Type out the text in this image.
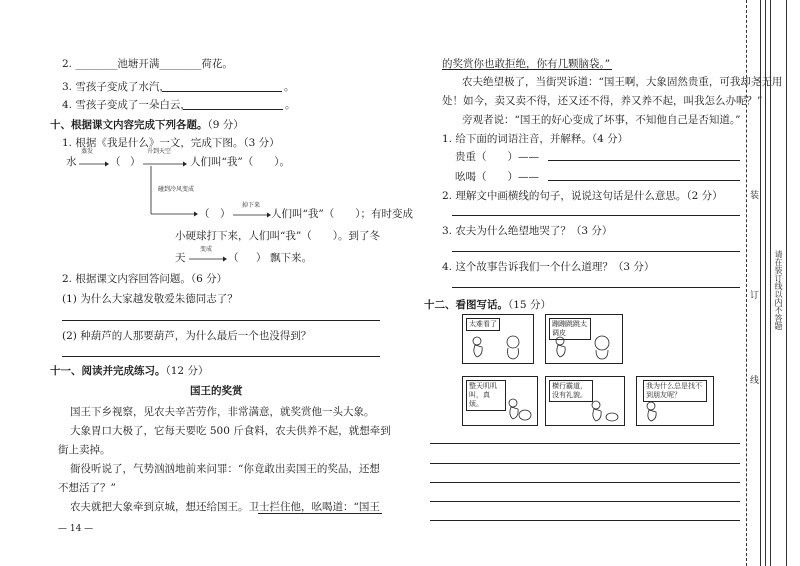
2. ________池塘开满________荷花。
3. 雪孩子变成了水汽，	。
4. 雪孩子变成了一朵白云，	。
十、根据课文内容完成下列各题。（9 分）
1. 根据《我是什么》一文，完成下图。（3 分）
水
蒸发
（ ）
升到天空
人们叫“我”（　　）。
碰到冷风变成
（ ）
掉下来
人们叫“我”（　　）；有时变成
小硬球打下来，人们叫“我”（　　）。到了冬
天
变成
（ ） 飘下来。
2. 根据课文内容回答问题。（6 分）
(1) 为什么大家越发敬爱朱德同志了？
(2) 种葫芦的人那要葫芦，为什么最后一个也没得到？
十一、阅读并完成练习。（12 分）
国王的奖赏
国王下乡视察，见农夫辛苦劳作，非常满意，就奖赏他一头大象。
大象胃口大极了，它每天要吃 500 斤食料，农夫供养不起，就想牵到
街上卖掉。
衙役听说了，气势汹汹地前来问罪：“你竟敢出卖国王的奖品，还想
不想活了？”
农夫就把大象牵到京城，想还给国王。卫士拦住他，吆喝道：“国王
— 14 —
的奖赏你也敢拒绝，你有几颗脑袋。”
农夫绝望极了，当街哭诉道：“国王啊，大象固然贵重，可我却尧无用
处！如今，卖又卖不得，还又还不得，养又养不起，叫我怎么办呢？”
旁观者说：“国王的好心变成了坏事，不知他自己是否知道。”
1. 给下面的词语注音，并解释。（4 分）
贵重（　　）——
吆喝（　　）——
2. 理解文中画横线的句子，说说这句话是什么意思。（2 分）
3. 农夫为什么绝望地哭了？（3 分）
4. 这个故事告诉我们一个什么道理？（3 分）
十二、看图写话。（15 分）
太难看了	蹦蹦跳跳太调皮
整天叽叽叫，真烦。
横行霸道，没有礼貌。
我为什么总是找不到朋友呢？
装
订
线
请在装订线以内不答题
